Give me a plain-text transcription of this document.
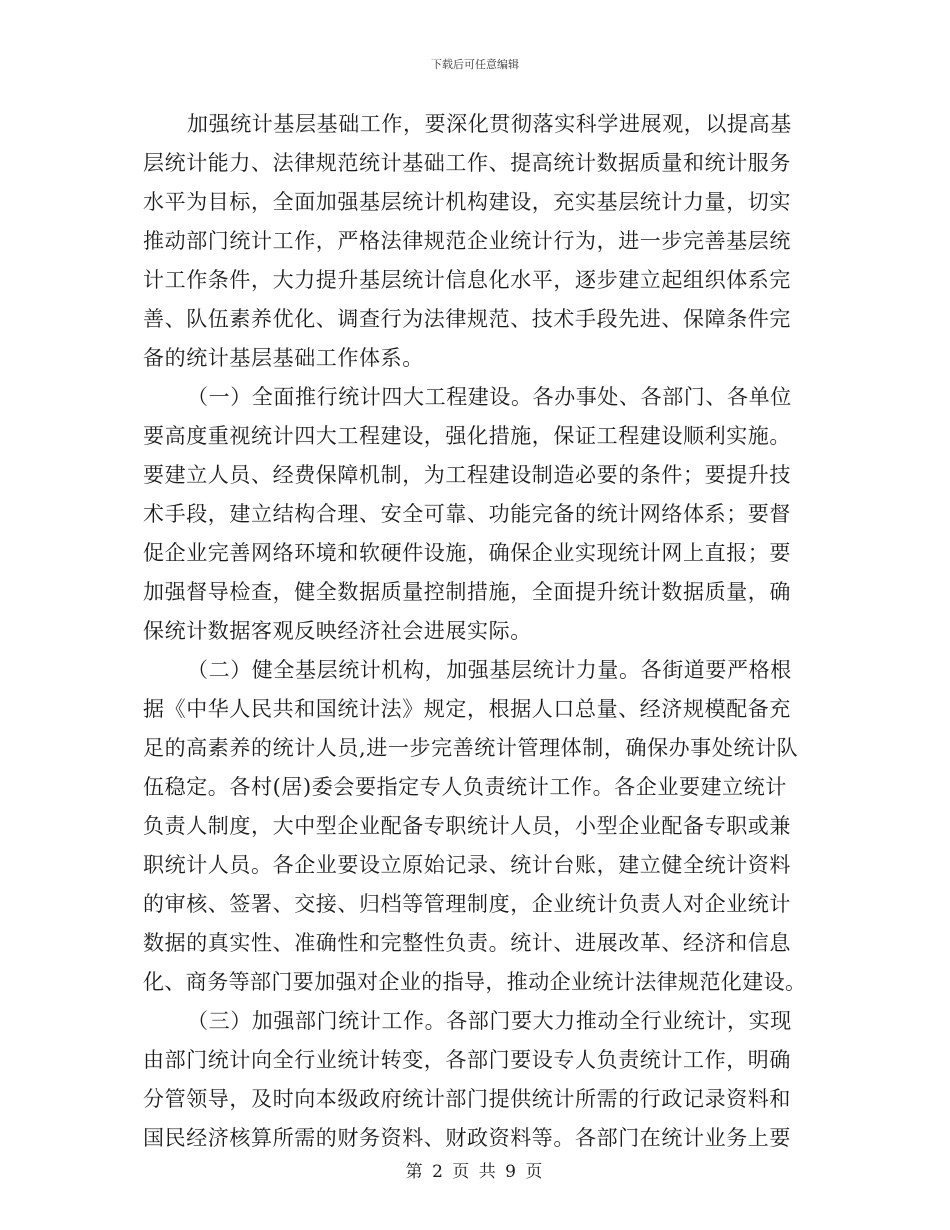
下载后可任意编辑
加强统计基层基础工作，要深化贯彻落实科学进展观，以提高基
层统计能力、法律规范统计基础工作、提高统计数据质量和统计服务
水平为目标，全面加强基层统计机构建设，充实基层统计力量，切实
推动部门统计工作，严格法律规范企业统计行为，进一步完善基层统
计工作条件，大力提升基层统计信息化水平，逐步建立起组织体系完
善、队伍素养优化、调查行为法律规范、技术手段先进、保障条件完
备的统计基层基础工作体系。
（一）全面推行统计四大工程建设。各办事处、各部门、各单位
要高度重视统计四大工程建设，强化措施，保证工程建设顺利实施。
要建立人员、经费保障机制，为工程建设制造必要的条件；要提升技
术手段，建立结构合理、安全可靠、功能完备的统计网络体系；要督
促企业完善网络环境和软硬件设施，确保企业实现统计网上直报；要
加强督导检查，健全数据质量控制措施，全面提升统计数据质量，确
保统计数据客观反映经济社会进展实际。
（二）健全基层统计机构，加强基层统计力量。各街道要严格根
据《中华人民共和国统计法》规定，根据人口总量、经济规模配备充
足的高素养的统计人员,进一步完善统计管理体制，确保办事处统计队
伍稳定。各村(居)委会要指定专人负责统计工作。各企业要建立统计
负责人制度，大中型企业配备专职统计人员，小型企业配备专职或兼
职统计人员。各企业要设立原始记录、统计台账，建立健全统计资料
的审核、签署、交接、归档等管理制度，企业统计负责人对企业统计
数据的真实性、准确性和完整性负责。统计、进展改革、经济和信息
化、商务等部门要加强对企业的指导，推动企业统计法律规范化建设。
（三）加强部门统计工作。各部门要大力推动全行业统计，实现
由部门统计向全行业统计转变，各部门要设专人负责统计工作，明确
分管领导，及时向本级政府统计部门提供统计所需的行政记录资料和
国民经济核算所需的财务资料、财政资料等。各部门在统计业务上要
第 2 页 共 9 页
